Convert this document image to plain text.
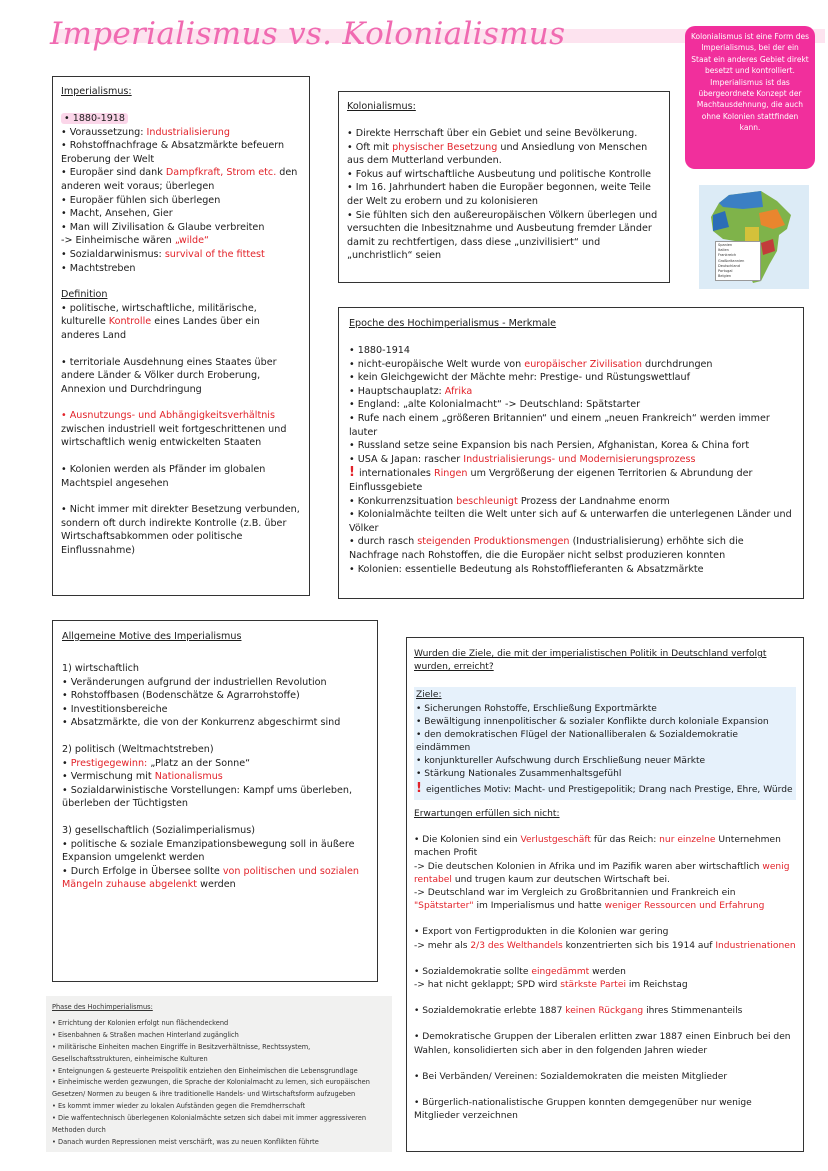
Imperialismus vs. Kolonialismus	Kolonialismus ist eine Form des Imperialismus, bei der ein Staat ein anderes Gebiet direkt besetzt und kontrolliert. Imperialismus ist das übergeordnete Konzept der Machtausdehnung, die auch ohne Kolonien stattfinden kann.
Spanien
Italien
Frankreich
Großbritannien
Deutschland
Portugal
Belgien

Imperialismus:

• 1880-1918

• Voraussetzung: Industrialisierung

• Rohstoffnachfrage & Absatzmärkte befeuern Eroberung der Welt

• Europäer sind dank Dampfkraft, Strom etc. den anderen weit voraus; überlegen

• Europäer fühlen sich überlegen

• Macht, Ansehen, Gier

• Man will Zivilisation & Glaube verbreiten

-> Einheimische wären „wilde“

• Sozialdarwinismus: survival of the fittest

• Machtstreben

Definition

• politische, wirtschaftliche, militärische, kulturelle Kontrolle eines Landes über ein anderes Land

• territoriale Ausdehnung eines Staates über andere Länder & Völker durch Eroberung, Annexion und Durchdringung

• Ausnutzungs- und Abhängigkeitsverhältnis zwischen industriell weit fortgeschrittenen und wirtschaftlich wenig entwickelten Staaten

• Kolonien werden als Pfänder im globalen Machtspiel angesehen

• Nicht immer mit direkter Besetzung verbunden, sondern oft durch indirekte Kontrolle (z.B. über Wirtschaftsabkommen oder politische Einflussnahme)

Kolonialismus:

• Direkte Herrschaft über ein Gebiet und seine Bevölkerung.

• Oft mit physischer Besetzung und Ansiedlung von Menschen aus dem Mutterland verbunden.

• Fokus auf wirtschaftliche Ausbeutung und politische Kontrolle

• Im 16. Jahrhundert haben die Europäer begonnen, weite Teile der Welt zu erobern und zu kolonisieren

• Sie fühlten sich den außereuropäischen Völkern überlegen und versuchten die Inbesitznahme und Ausbeutung fremder Länder damit zu rechtfertigen, dass diese „unzivilisiert“ und „unchristlich“ seien

Epoche des Hochimperialismus - Merkmale

• 1880-1914

• nicht-europäische Welt wurde von europäischer Zivilisation durchdrungen

• kein Gleichgewicht der Mächte mehr: Prestige- und Rüstungswettlauf

• Hauptschauplatz: Afrika

• England: „alte Kolonialmacht“ -> Deutschland: Spätstarter

• Rufe nach einem „größeren Britannien“ und einem „neuen Frankreich“ werden immer lauter

• Russland setze seine Expansion bis nach Persien, Afghanistan, Korea & China fort

• USA & Japan: rascher Industrialisierungs- und Modernisierungsprozess

! internationales Ringen um Vergrößerung der eigenen Territorien & Abrundung der Einflussgebiete

• Konkurrenzsituation beschleunigt Prozess der Landnahme enorm

• Kolonialmächte teilten die Welt unter sich auf & unterwarfen die unterlegenen Länder und Völker

• durch rasch steigenden Produktionsmengen (Industrialisierung) erhöhte sich die Nachfrage nach Rohstoffen, die die Europäer nicht selbst produzieren konnten

• Kolonien: essentielle Bedeutung als Rohstofflieferanten & Absatzmärkte

Allgemeine Motive des Imperialismus

1) wirtschaftlich

• Veränderungen aufgrund der industriellen Revolution

• Rohstoffbasen (Bodenschätze & Agrarrohstoffe)

• Investitionsbereiche

• Absatzmärkte, die von der Konkurrenz abgeschirmt sind

2) politisch (Weltmachtstreben)

• Prestigegewinn: „Platz an der Sonne“

• Vermischung mit Nationalismus

• Sozialdarwinistische Vorstellungen: Kampf ums überleben, überleben der Tüchtigsten

3) gesellschaftlich (Sozialimperialismus)

• politische & soziale Emanzipationsbewegung soll in äußere Expansion umgelenkt werden

• Durch Erfolge in Übersee sollte von politischen und sozialen Mängeln zuhause abgelenkt werden

Phase des Hochimperialismus:

• Errichtung der Kolonien erfolgt nun flächendeckend

• Eisenbahnen & Straßen machen Hinterland zugänglich

• militärische Einheiten machen Eingriffe in Besitzverhältnisse, Rechtssystem, Gesellschaftsstrukturen, einheimische Kulturen

• Enteignungen & gesteuerte Preispolitik entziehen den Einheimischen die Lebensgrundlage

• Einheimische werden gezwungen, die Sprache der Kolonialmacht zu lernen, sich europäischen Gesetzen/ Normen zu beugen & ihre traditionelle Handels- und Wirtschaftsform aufzugeben

• Es kommt immer wieder zu lokalen Aufständen gegen die Fremdherrschaft

• Die waffentechnisch überlegenen Kolonialmächte setzen sich dabei mit immer aggressiveren Methoden durch

• Danach wurden Repressionen meist verschärft, was zu neuen Konflikten führte

Wurden die Ziele, die mit der imperialistischen Politik in Deutschland verfolgt wurden, erreicht?

Ziele:

• Sicherungen Rohstoffe, Erschließung Exportmärkte

• Bewältigung innenpolitischer & sozialer Konflikte durch koloniale Expansion

• den demokratischen Flügel der Nationalliberalen & Sozialdemokratie eindämmen

• konjunktureller Aufschwung durch Erschließung neuer Märkte

• Stärkung Nationales Zusammenhaltsgefühl

! eigentliches Motiv: Macht- und Prestigepolitik; Drang nach Prestige, Ehre, Würde

Erwartungen erfüllen sich nicht:

• Die Kolonien sind ein Verlustgeschäft für das Reich: nur einzelne Unternehmen machen Profit

-> Die deutschen Kolonien in Afrika und im Pazifik waren aber wirtschaftlich wenig rentabel und trugen kaum zur deutschen Wirtschaft bei.

-> Deutschland war im Vergleich zu Großbritannien und Frankreich ein "Spätstarter" im Imperialismus und hatte weniger Ressourcen und Erfahrung

• Export von Fertigprodukten in die Kolonien war gering

-> mehr als 2/3 des Welthandels konzentrierten sich bis 1914 auf Industrienationen

• Sozialdemokratie sollte eingedämmt werden

-> hat nicht geklappt; SPD wird stärkste Partei im Reichstag

• Sozialdemokratie erlebte 1887 keinen Rückgang ihres Stimmenanteils

• Demokratische Gruppen der Liberalen erlitten zwar 1887 einen Einbruch bei den Wahlen, konsolidierten sich aber in den folgenden Jahren wieder

• Bei Verbänden/ Vereinen: Sozialdemokraten die meisten Mitglieder

• Bürgerlich-nationalistische Gruppen konnten demgegenüber nur wenige Mitglieder verzeichnen
